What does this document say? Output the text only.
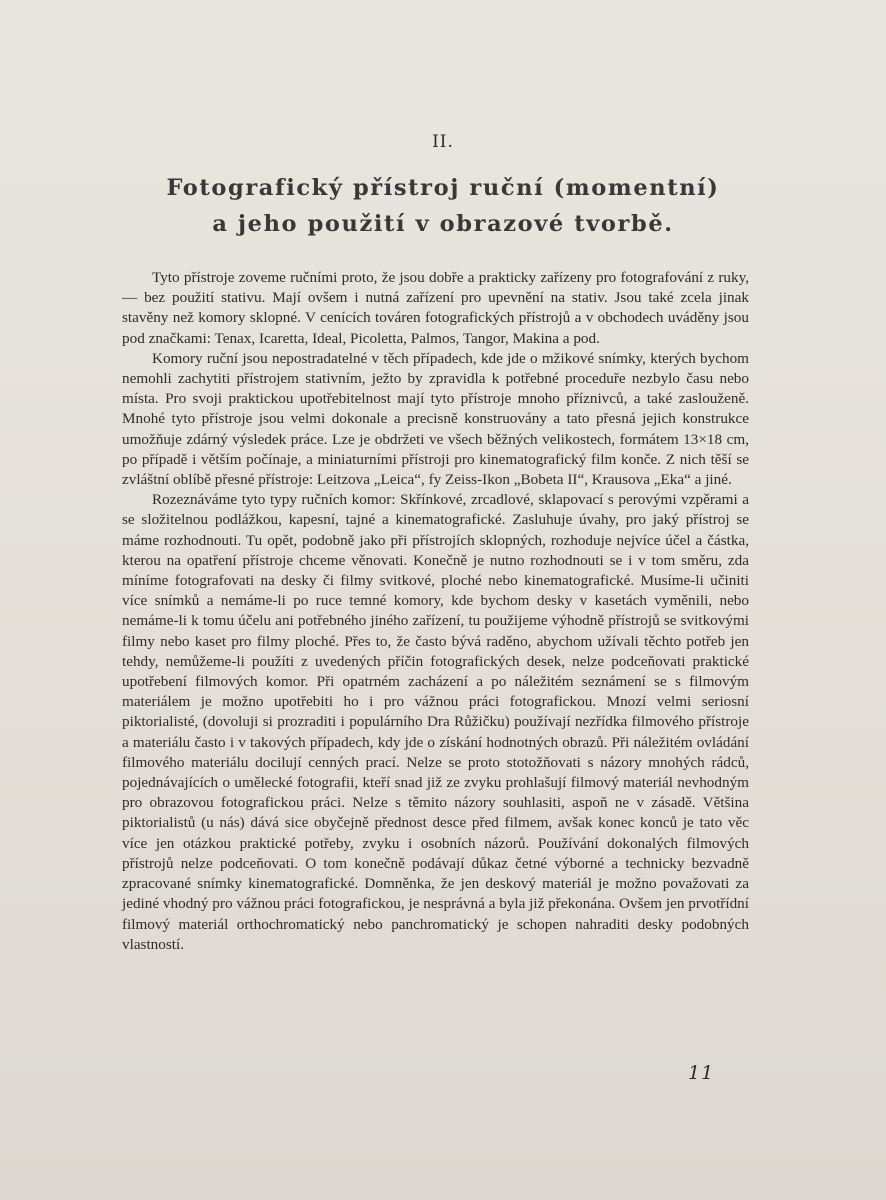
II.
Fotografický přístroj ruční (momentní)
a jeho použití v obrazové tvorbě.

Tyto přístroje zoveme ručními proto, že jsou dobře a prakticky zařízeny pro fotografování z ruky, — bez použití stativu. Mají ovšem i nutná zařízení pro upevnění na stativ. Jsou také zcela jinak stavěny než komory sklopné. V cenících továren fotografických přístrojů a v obchodech uváděny jsou pod značkami: Tenax, Icaretta, Ideal, Picoletta, Palmos, Tangor, Makina a pod.

Komory ruční jsou nepostradatelné v těch případech, kde jde o mžikové snímky, kterých bychom nemohli zachytiti přístrojem stativním, ježto by zpravidla k potřebné proceduře nezbylo času nebo místa. Pro svoji praktickou upotřebitelnost mají tyto přístroje mnoho příznivců, a také zaslouženě. Mnohé tyto přístroje jsou velmi dokonale a precisně konstruovány a tato přesná jejich konstrukce umožňuje zdárný výsledek práce. Lze je obdržeti ve všech běžných velikostech, formátem 13×18 cm, po případě i větším počínaje, a miniaturními přístroji pro kinematografický film konče. Z nich těší se zvláštní oblíbě přesné přístroje: Leitzova „Leica“, fy Zeiss-Ikon „Bobeta II“, Krausova „Eka“ a jiné.

Rozeznáváme tyto typy ručních komor: Skřínkové, zrcadlové, sklapovací s perovými vzpěrami a se složitelnou podlážkou, kapesní, tajné a kinematografické. Zasluhuje úvahy, pro jaký přístroj se máme rozhodnouti. Tu opět, podobně jako při přístrojích sklopných, rozhoduje nejvíce účel a částka, kterou na opatření přístroje chceme věnovati. Konečně je nutno rozhodnouti se i v tom směru, zda míníme fotografovati na desky či filmy svitkové, ploché nebo kinematografické. Musíme-li učiniti více snímků a nemáme-li po ruce temné komory, kde bychom desky v kasetách vyměnili, nebo nemáme-li k tomu účelu ani potřebného jiného zařízení, tu použijeme výhodně přístrojů se svitkovými filmy nebo kaset pro filmy ploché. Přes to, že často bývá raděno, abychom užívali těchto potřeb jen tehdy, nemůžeme-li použíti z uvedených příčin fotografických desek, nelze podceňovati praktické upotřebení filmových komor. Při opatrném zacházení a po náležitém seznámení se s filmovým materiálem je možno upotřebiti ho i pro vážnou práci fotografickou. Mnozí velmi seriosní piktorialisté, (dovoluji si prozraditi i populárního Dra Růžičku) používají nezřídka filmového přístroje a materiálu často i v takových případech, kdy jde o získání hodnotných obrazů. Při náležitém ovládání filmového materiálu docilují cenných prací. Nelze se proto stotožňovati s názory mnohých rádců, pojednávajících o umělecké fotografii, kteří snad již ze zvyku prohlašují filmový materiál nevhodným pro obrazovou fotografickou práci. Nelze s těmito názory souhlasiti, aspoň ne v zásadě. Většina piktorialistů (u nás) dává sice obyčejně přednost desce před filmem, avšak konec konců je tato věc více jen otázkou praktické potřeby, zvyku i osobních názorů. Používání dokonalých filmových přístrojů nelze podceňovati. O tom konečně podávají důkaz četné výborné a technicky bezvadně zpracované snímky kinematografické. Domněnka, že jen deskový materiál je možno považovati za jediné vhodný pro vážnou práci fotografickou, je nesprávná a byla již překonána. Ovšem jen prvotřídní filmový materiál orthochromatický nebo panchromatický je schopen nahraditi desky podobných vlastností.

11
